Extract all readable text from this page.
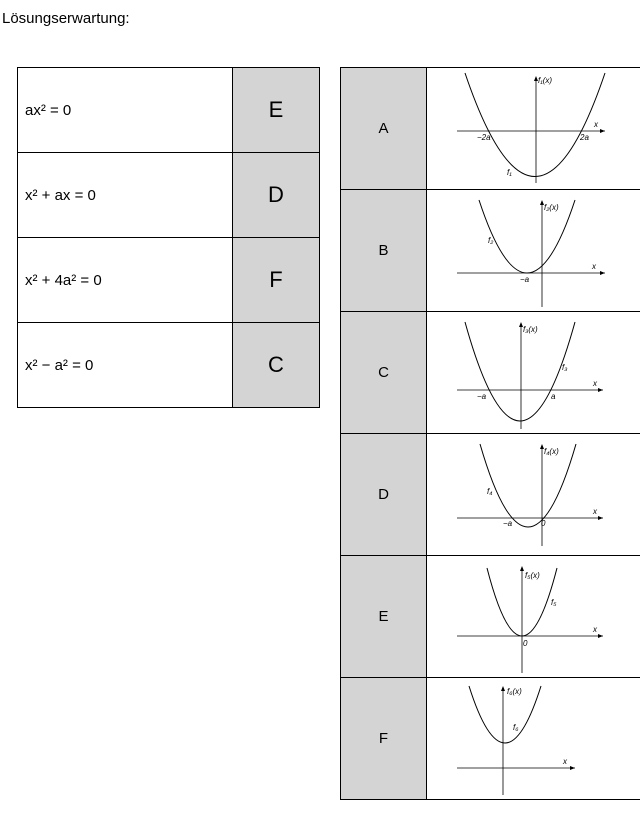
Lösungserwartung:
ax² = 0	E
x² + ax = 0	D
x² + 4a² = 0	F
x² − a² = 0	C
A	f₁(x)
f₁
x
−2a 2a

B	f₂(x)
f₂
x
−a

C	f₃(x)
f₃
x
−a a

D	f₄(x)
f₄
x
−a 0

E	f₅(x)
f₅
x
0

F	f₆(x)
f₆
x
